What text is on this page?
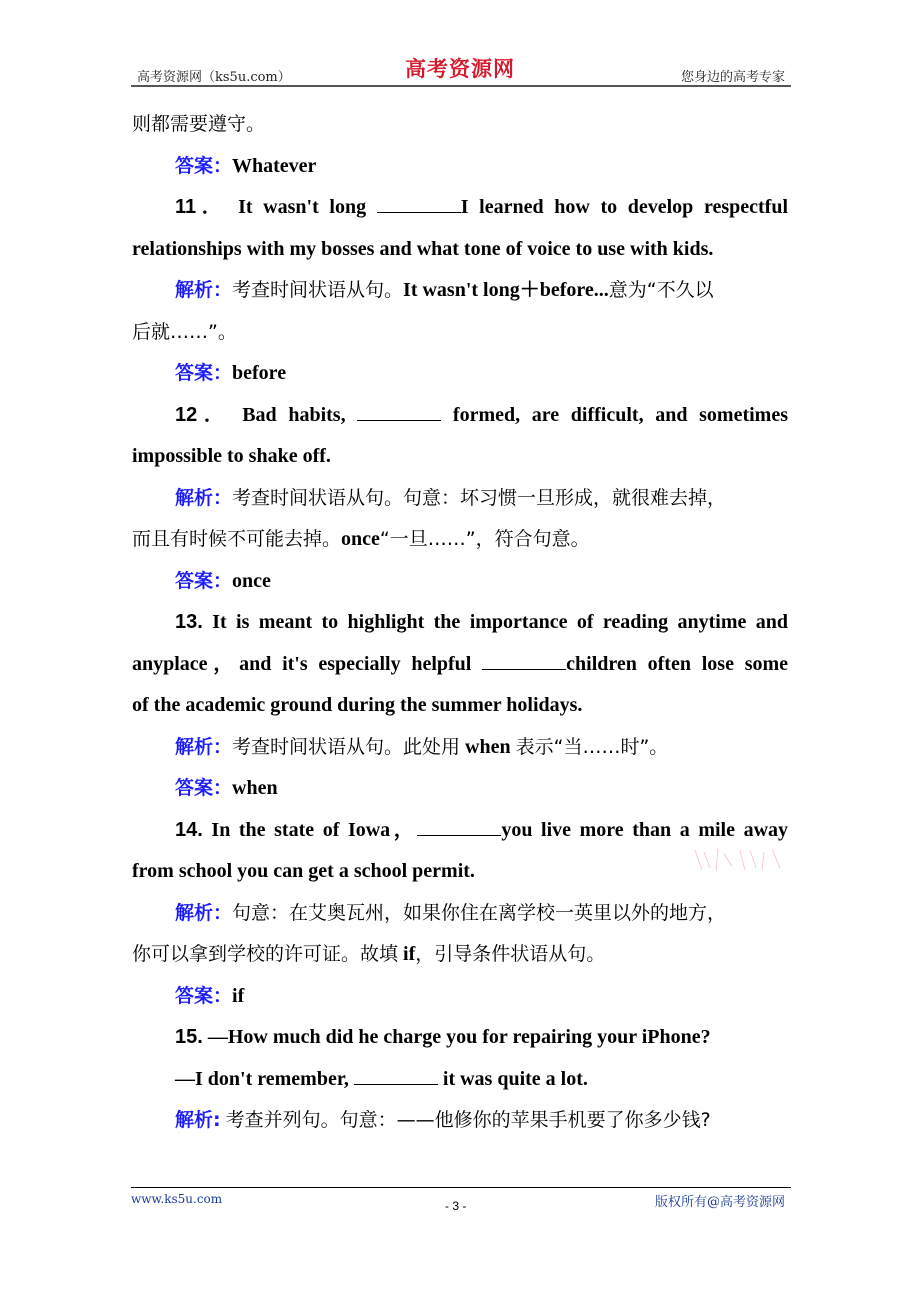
高考资源网（ks5u.com）	高考资源网	您身边的高考专家
则都需要遵守。
答案：Whatever
11． It wasn't long	I learned how to develop respectful
relationships with my bosses and what tone of voice to use with kids.
解析：考查时间状语从句。It wasn't long＋before...意为“不久以
后就……”。
答案：before
12． Bad habits,	formed, are difficult, and sometimes
impossible to shake off.
解析：考查时间状语从句。句意：坏习惯一旦形成，就很难去掉，
而且有时候不可能去掉。once“一旦……”，符合句意。
答案：once
13. It is meant to highlight the importance of reading anytime and
anyplace，and it's especially helpful	children often lose some
of the academic ground during the summer holidays.
解析：考查时间状语从句。此处用 when 表示“当……时”。
答案：when
14. In the state of Iowa，	you live more than a mile away
from school you can get a school permit.
解析：句意：在艾奥瓦州，如果你住在离学校一英里以外的地方，
你可以拿到学校的许可证。故填 if，引导条件状语从句。
答案：if
15. —How much did he charge you for repairing your iPhone?
—I don't remember,	it was quite a lot.
解析: 考查并列句。句意：——他修你的苹果手机要了你多少钱?
www.ks5u.com	- 3 -	版权所有@高考资源网
